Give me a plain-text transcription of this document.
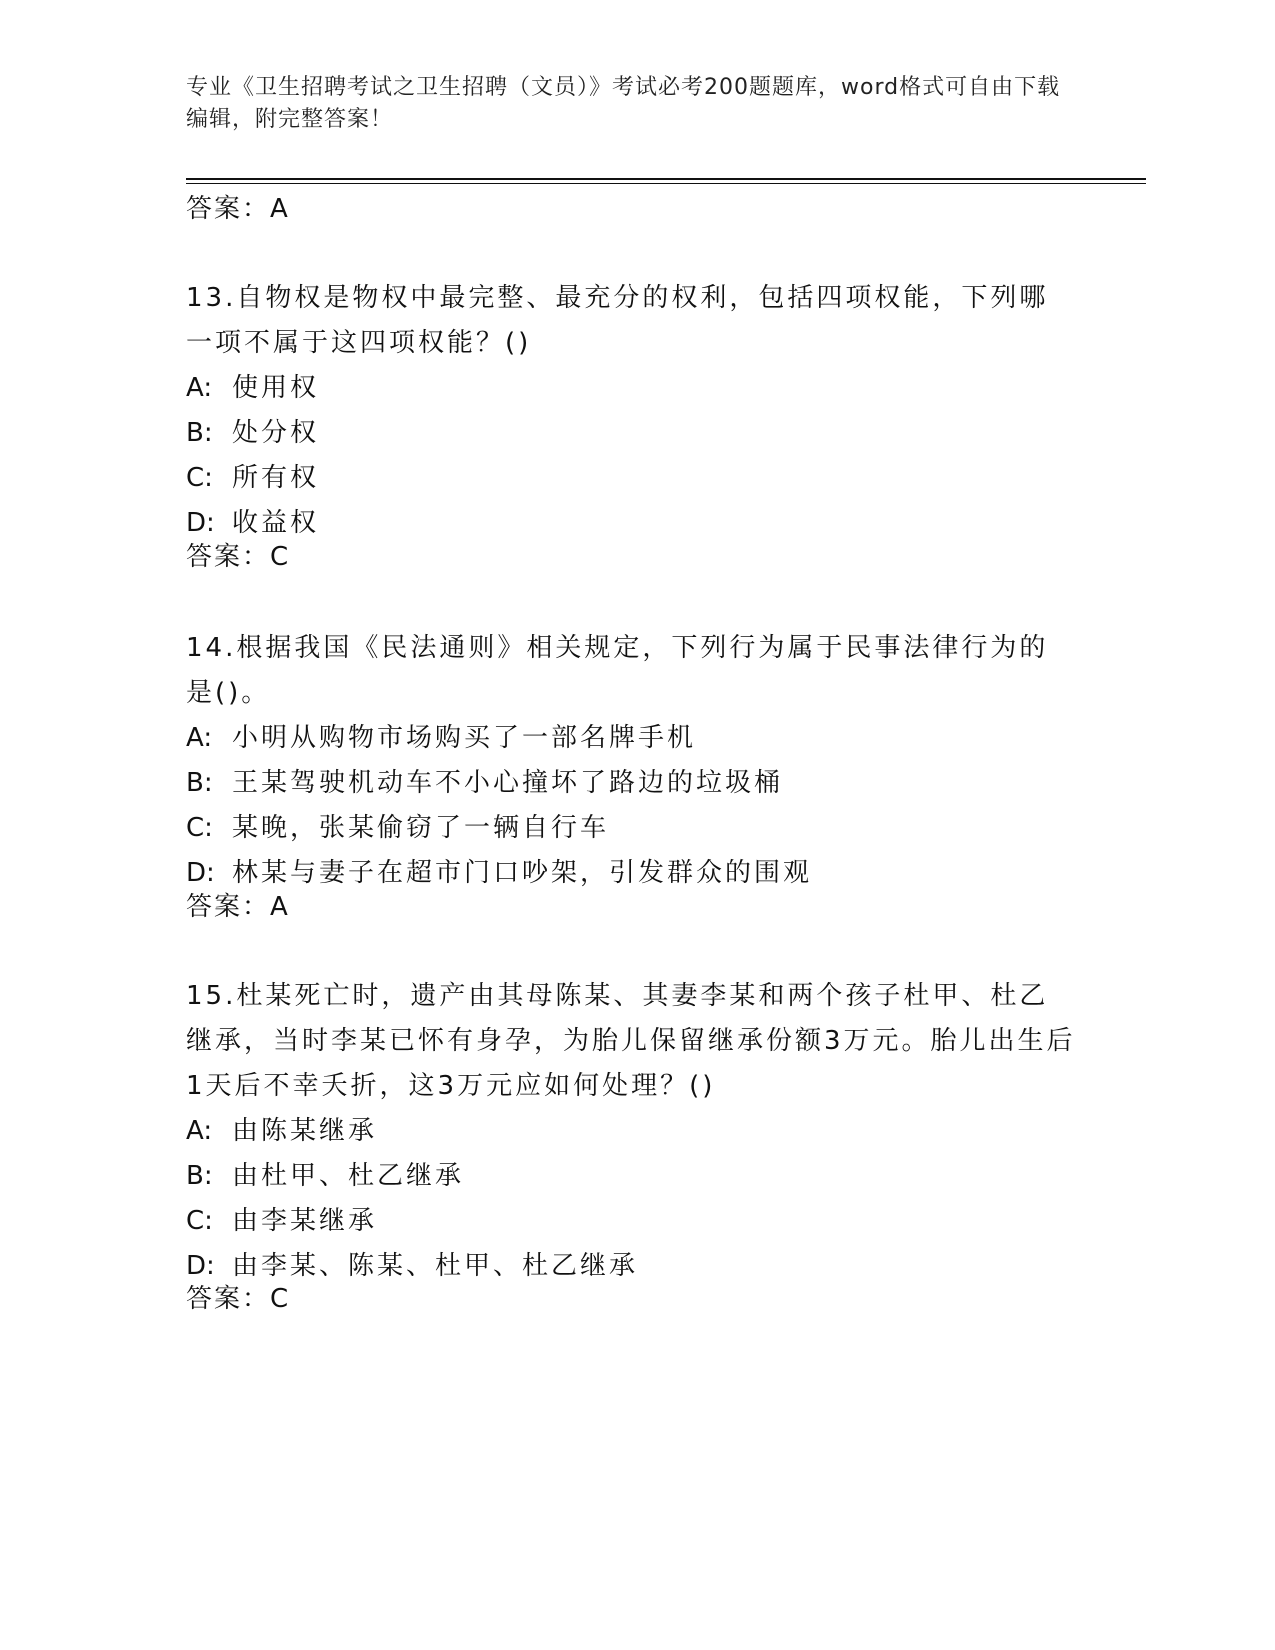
专业《卫生招聘考试之卫生招聘（文员）》考试必考200题题库，word格式可自由下载编辑，附完整答案！
答案：A

13.自物权是物权中最完整、最充分的权利，包括四项权能，下列哪一项不属于这四项权能？()

A: 使用权

B: 处分权

C: 所有权

D: 收益权

答案：C

14.根据我国《民法通则》相关规定，下列行为属于民事法律行为的是()。

A: 小明从购物市场购买了一部名牌手机

B: 王某驾驶机动车不小心撞坏了路边的垃圾桶

C: 某晚，张某偷窃了一辆自行车

D: 林某与妻子在超市门口吵架，引发群众的围观

答案：A

15.杜某死亡时，遗产由其母陈某、其妻李某和两个孩子杜甲、杜乙继承，当时李某已怀有身孕，为胎儿保留继承份额3万元。胎儿出生后1天后不幸夭折，这3万元应如何处理？()

A: 由陈某继承

B: 由杜甲、杜乙继承

C: 由李某继承

D: 由李某、陈某、杜甲、杜乙继承

答案：C
